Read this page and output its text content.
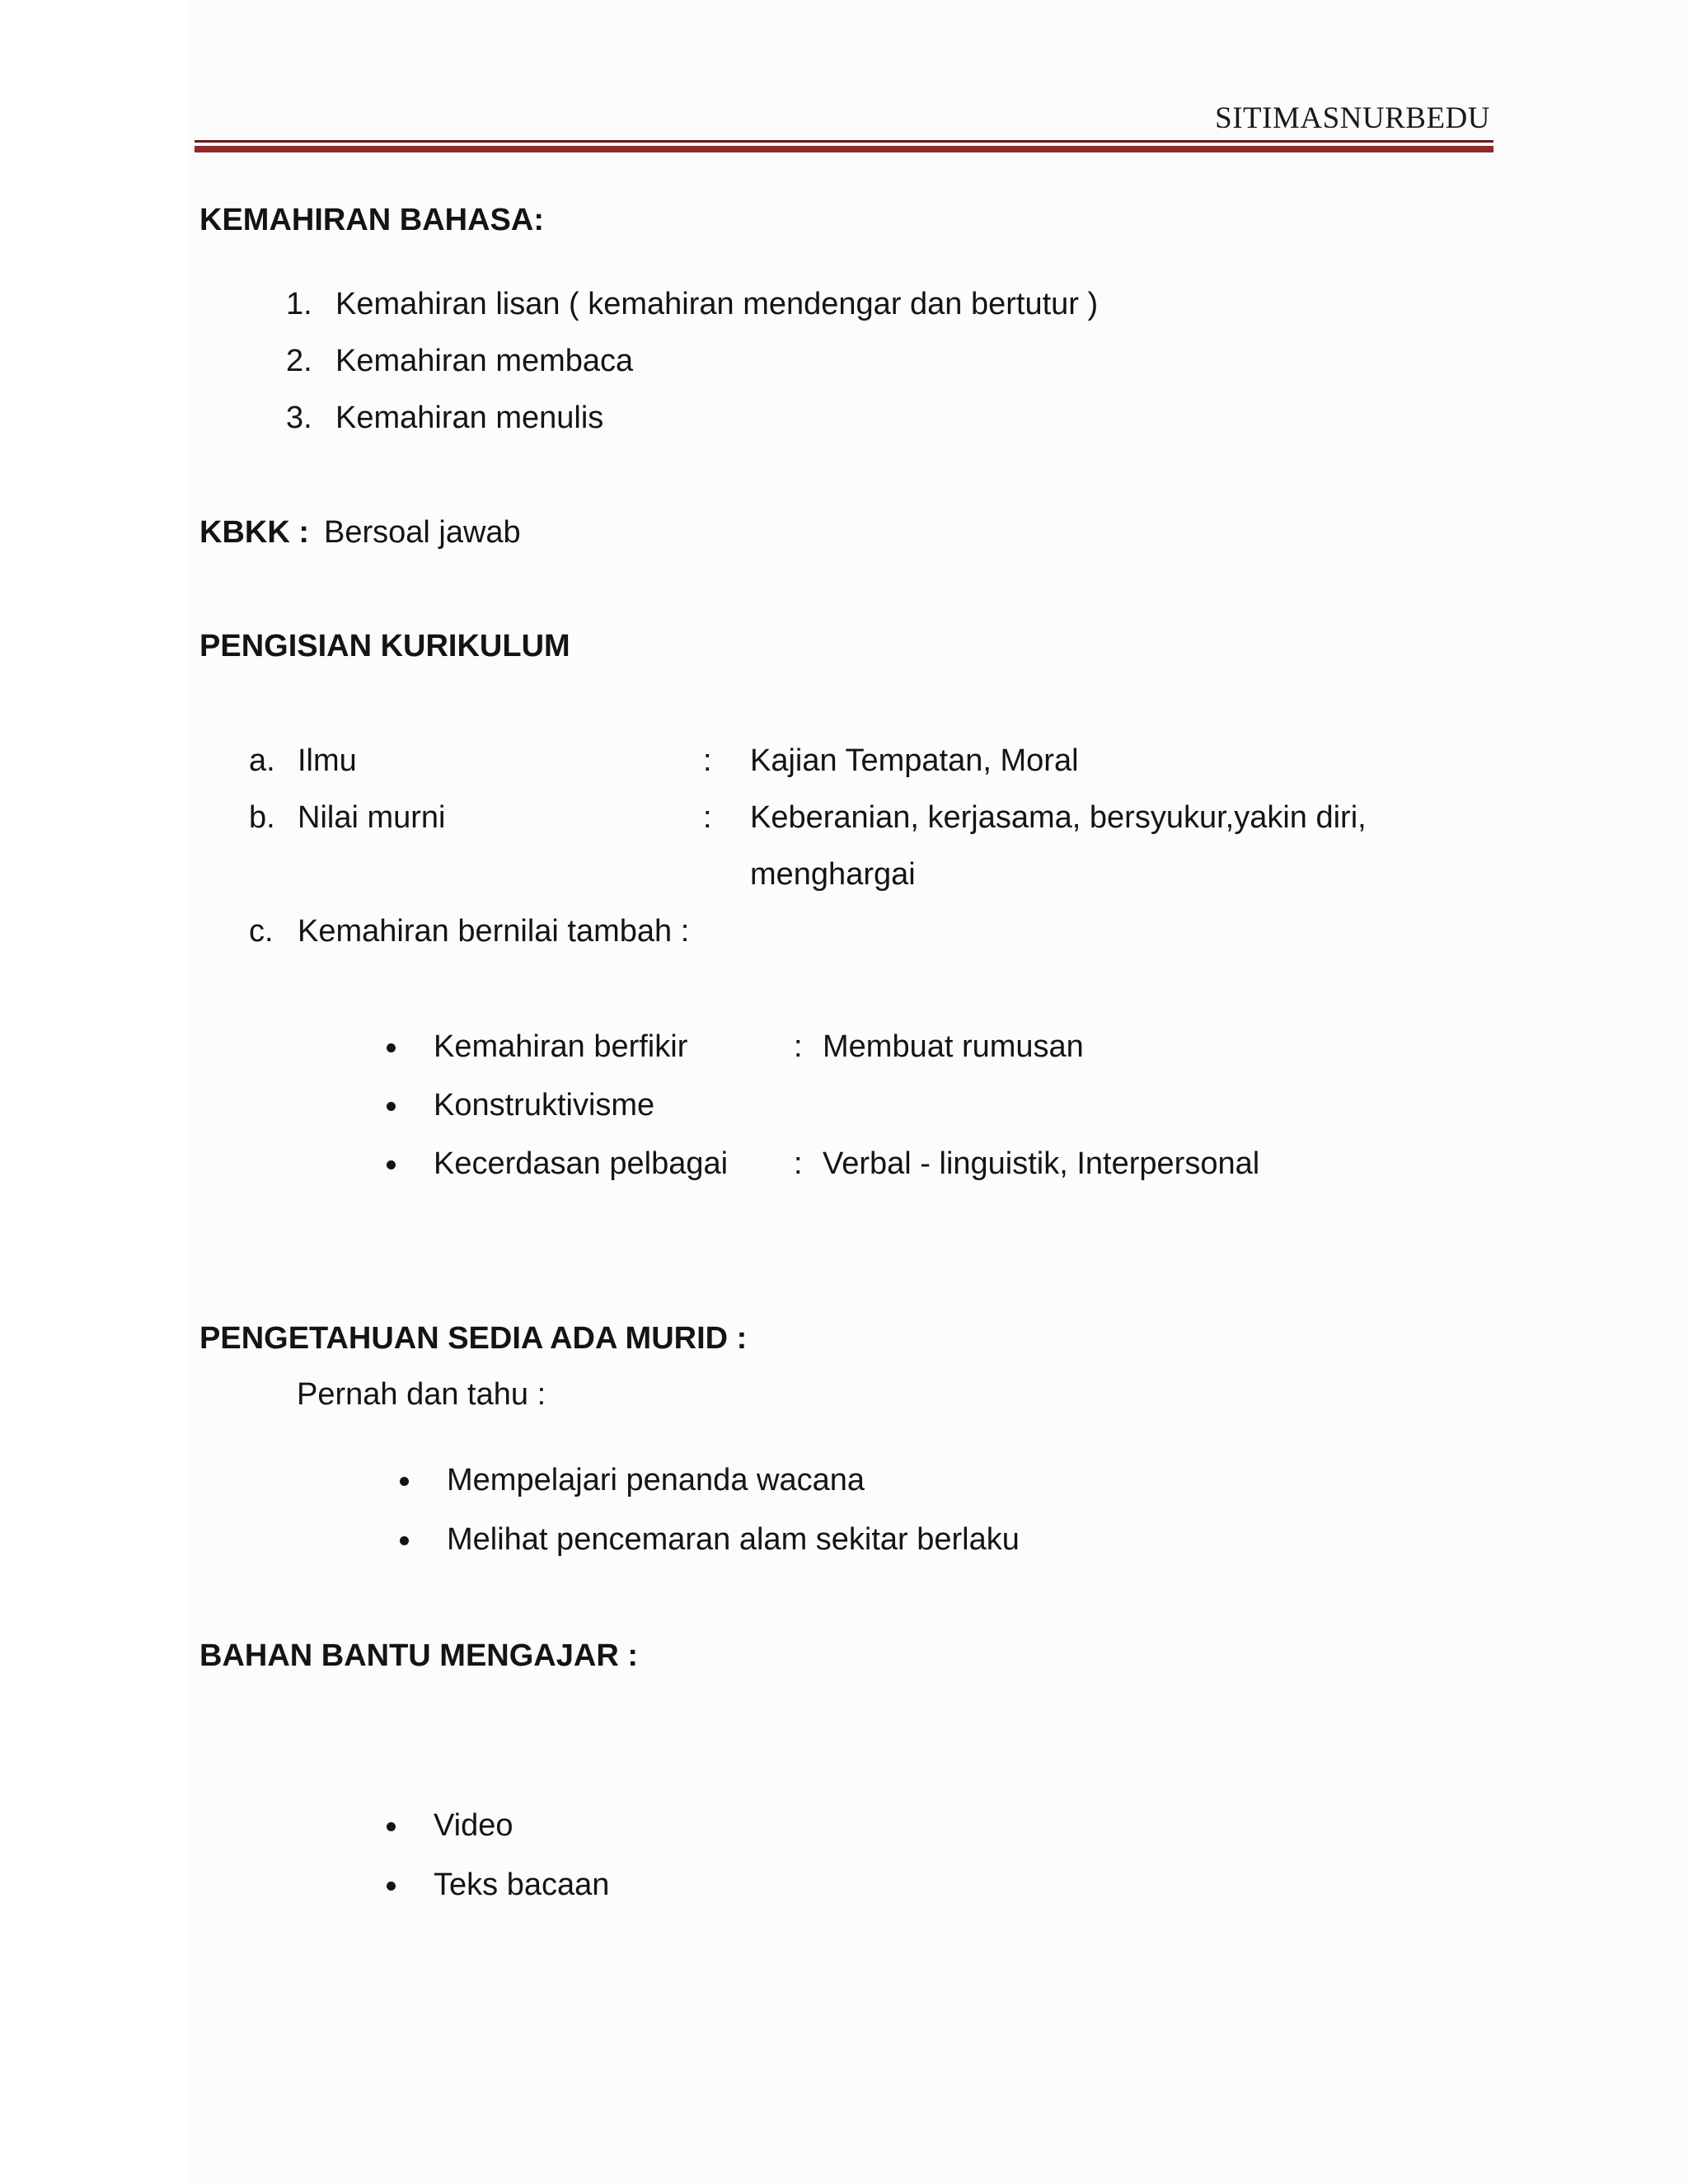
SITIMASNURBEDU
KEMAHIRAN BAHASA:
1. Kemahiran lisan ( kemahiran mendengar dan bertutur )
2. Kemahiran membaca
3. Kemahiran menulis
KBKK : Bersoal jawab
PENGISIAN KURIKULUM
a. Ilmu	: Kajian Tempatan, Moral
b. Nilai murni	: Keberanian, kerjasama, bersyukur,yakin diri,
menghargai
c. Kemahiran bernilai tambah :
Kemahiran berfikir	: Membuat rumusan
Konstruktivisme
Kecerdasan pelbagai : Verbal - linguistik, Interpersonal
PENGETAHUAN SEDIA ADA MURID :
Pernah dan tahu :
Mempelajari penanda wacana
Melihat pencemaran alam sekitar berlaku
BAHAN BANTU MENGAJAR :
Video
Teks bacaan
